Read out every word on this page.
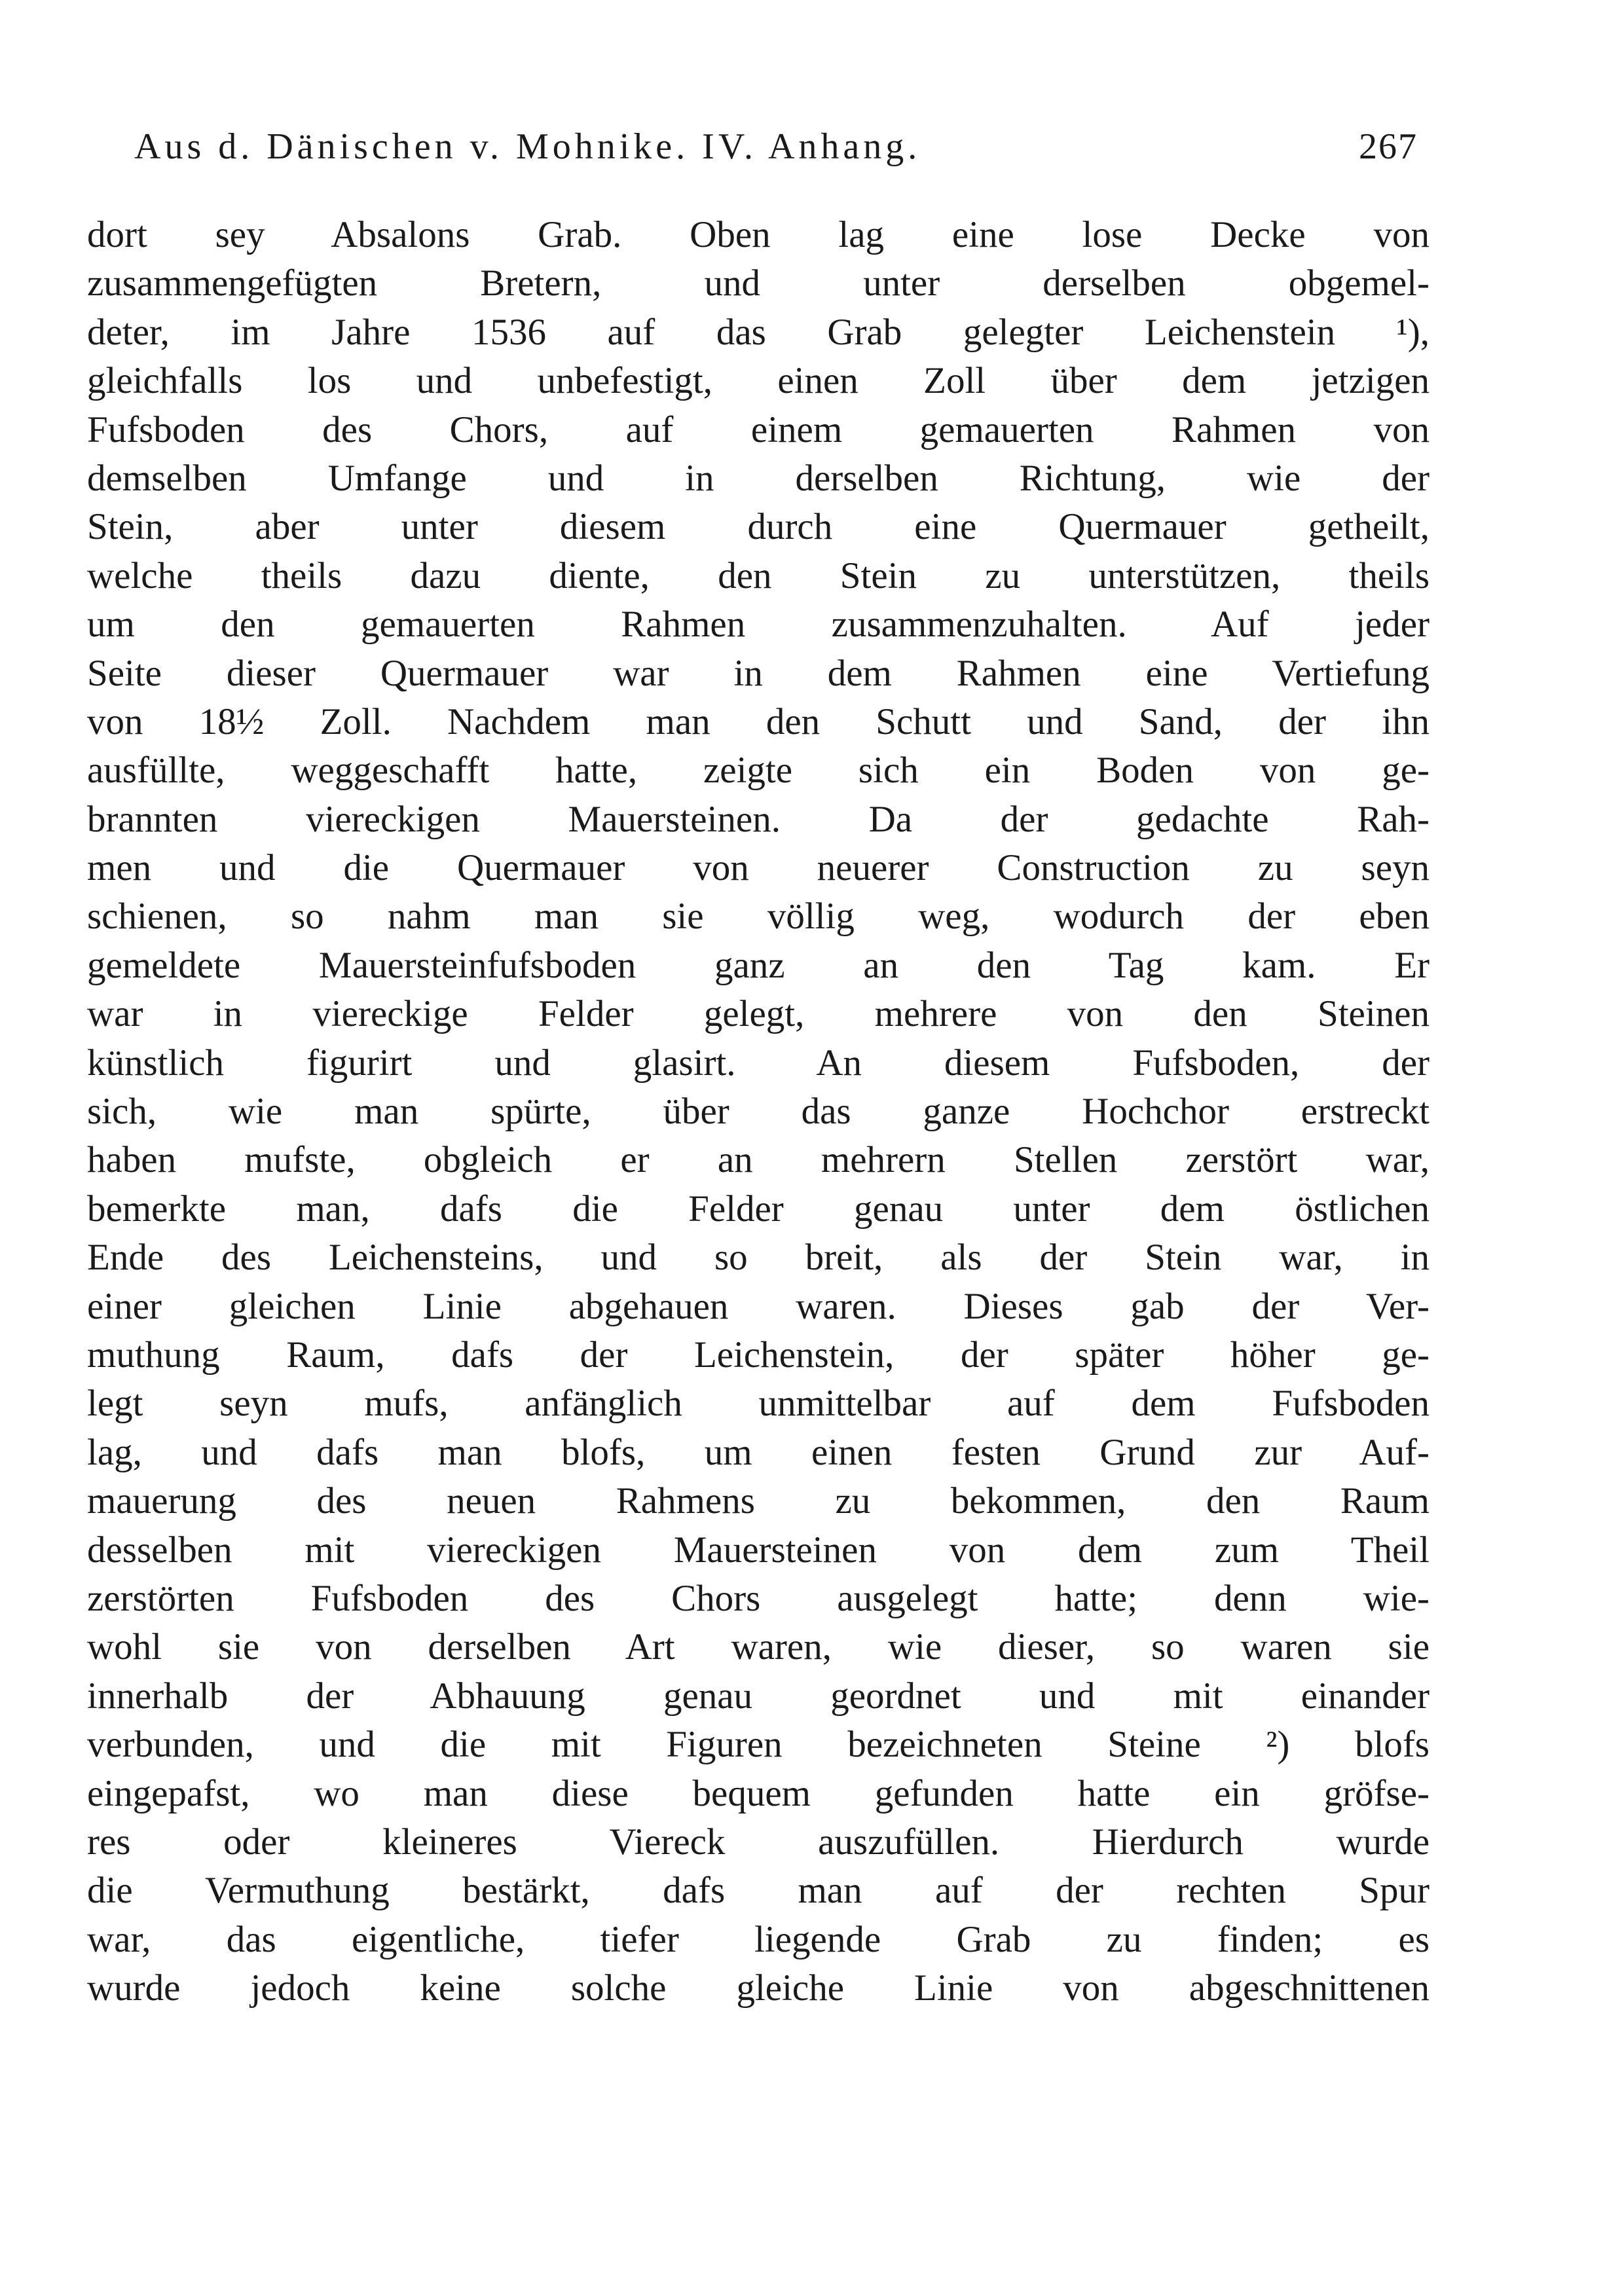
Aus d. Dänischen v. Mohnike. IV. Anhang.	267
dort sey Absalons Grab. Oben lag eine lose Decke von
zusammengefügten Bretern, und unter derselben obgemel-
deter, im Jahre 1536 auf das Grab gelegter Leichenstein ¹),
gleichfalls los und unbefestigt, einen Zoll über dem jetzigen
Fufsboden des Chors, auf einem gemauerten Rahmen von
demselben Umfange und in derselben Richtung, wie der
Stein, aber unter diesem durch eine Quermauer getheilt,
welche theils dazu diente, den Stein zu unterstützen, theils
um den gemauerten Rahmen zusammenzuhalten. Auf jeder
Seite dieser Quermauer war in dem Rahmen eine Vertiefung
von 18½ Zoll. Nachdem man den Schutt und Sand, der ihn
ausfüllte, weggeschafft hatte, zeigte sich ein Boden von ge-
brannten viereckigen Mauersteinen. Da der gedachte Rah-
men und die Quermauer von neuerer Construction zu seyn
schienen, so nahm man sie völlig weg, wodurch der eben
gemeldete Mauersteinfufsboden ganz an den Tag kam. Er
war in viereckige Felder gelegt, mehrere von den Steinen
künstlich figurirt und glasirt. An diesem Fufsboden, der
sich, wie man spürte, über das ganze Hochchor erstreckt
haben mufste, obgleich er an mehrern Stellen zerstört war,
bemerkte man, dafs die Felder genau unter dem östlichen
Ende des Leichensteins, und so breit, als der Stein war, in
einer gleichen Linie abgehauen waren. Dieses gab der Ver-
muthung Raum, dafs der Leichenstein, der später höher ge-
legt seyn mufs, anfänglich unmittelbar auf dem Fufsboden
lag, und dafs man blofs, um einen festen Grund zur Auf-
mauerung des neuen Rahmens zu bekommen, den Raum
desselben mit viereckigen Mauersteinen von dem zum Theil
zerstörten Fufsboden des Chors ausgelegt hatte; denn wie-
wohl sie von derselben Art waren, wie dieser, so waren sie
innerhalb der Abhauung genau geordnet und mit einander
verbunden, und die mit Figuren bezeichneten Steine ²) blofs
eingepafst, wo man diese bequem gefunden hatte ein gröfse-
res oder kleineres Viereck auszufüllen. Hierdurch wurde
die Vermuthung bestärkt, dafs man auf der rechten Spur
war, das eigentliche, tiefer liegende Grab zu finden; es
wurde jedoch keine solche gleiche Linie von abgeschnittenen
